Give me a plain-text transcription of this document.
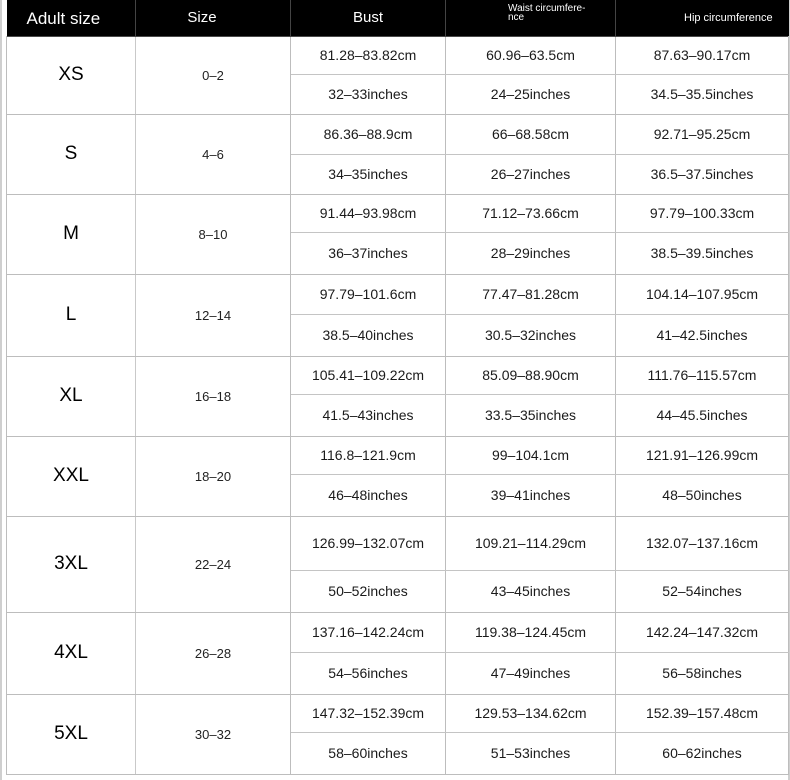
Adult size	Size	Bust	Waist circumfere-nce	Hip circumference
XS	0–2	81.28–83.82cm	60.96–63.5cm	87.63–90.17cm
		32–33inches	24–25inches	34.5–35.5inches
S	4–6	86.36–88.9cm	66–68.58cm	92.71–95.25cm
		34–35inches	26–27inches	36.5–37.5inches
M	8–10	91.44–93.98cm	71.12–73.66cm	97.79–100.33cm
		36–37inches	28–29inches	38.5–39.5inches
L	12–14	97.79–101.6cm	77.47–81.28cm	104.14–107.95cm
		38.5–40inches	30.5–32inches	41–42.5inches
XL	16–18	105.41–109.22cm	85.09–88.90cm	111.76–115.57cm
		41.5–43inches	33.5–35inches	44–45.5inches
XXL	18–20	116.8–121.9cm	99–104.1cm	121.91–126.99cm
		46–48inches	39–41inches	48–50inches
3XL	22–24	126.99–132.07cm	109.21–114.29cm	132.07–137.16cm
		50–52inches	43–45inches	52–54inches
4XL	26–28	137.16–142.24cm	119.38–124.45cm	142.24–147.32cm
		54–56inches	47–49inches	56–58inches
5XL	30–32	147.32–152.39cm	129.53–134.62cm	152.39–157.48cm
		58–60inches	51–53inches	60–62inches
